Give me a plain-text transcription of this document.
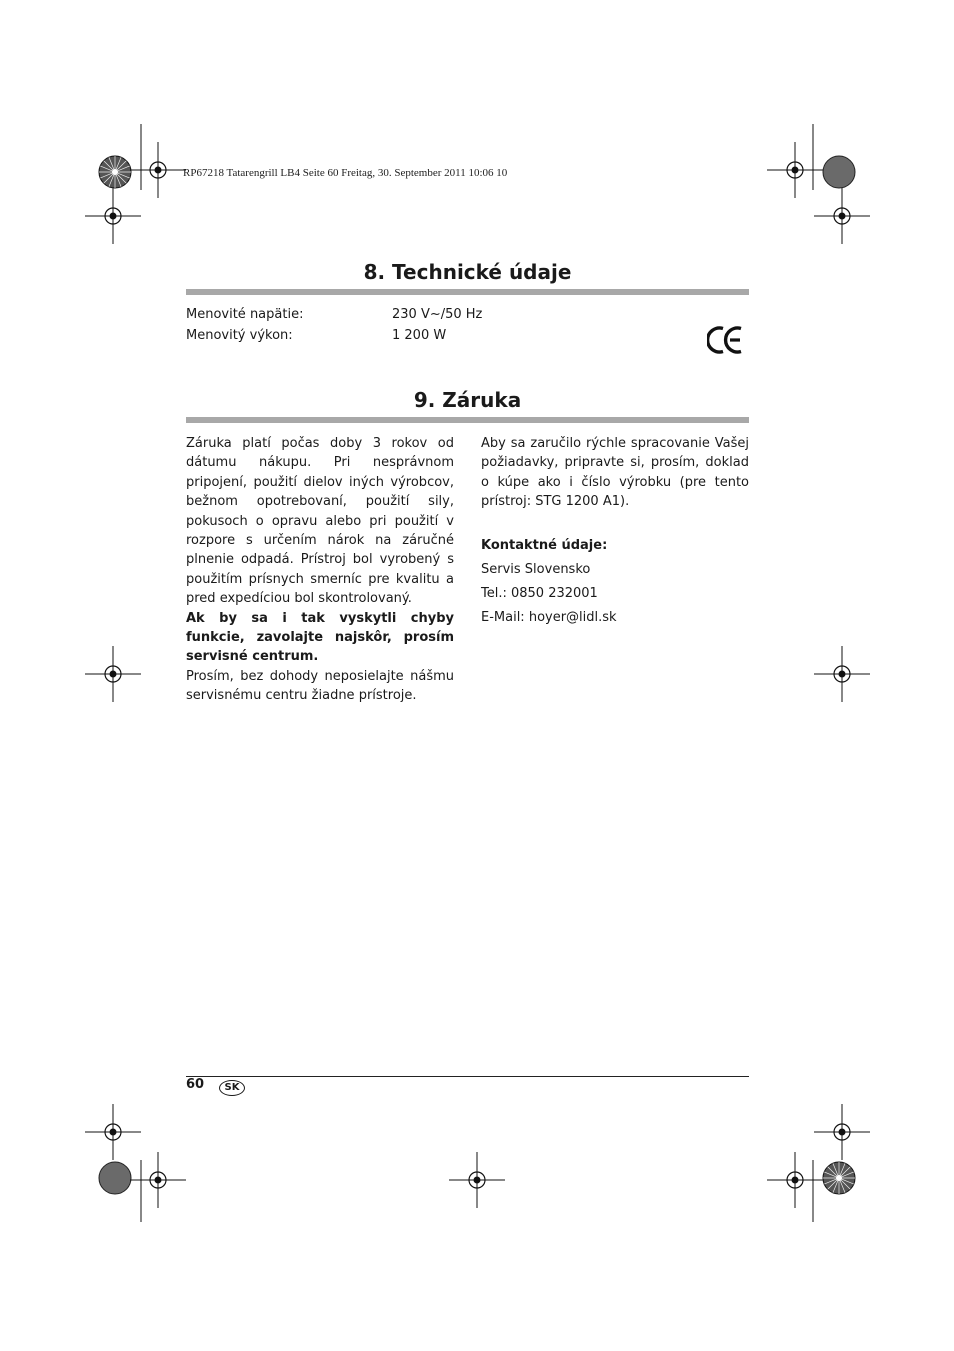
RP67218 Tatarengrill LB4 Seite 60 Freitag, 30. September 2011 10:06 10
8. Technické údaje
Menovité napätie:	230 V~/50 Hz
Menovitý výkon:	1 200 W
9. Záruka

Záruka platí počas doby 3 rokov od dátumu nákupu. Pri nesprávnom pripojení, použití dielov iných výrobcov, bežnom opotrebovaní, použití sily, pokusoch o opravu alebo pri použití v rozpore s určením nárok na záručné plnenie odpadá. Prístroj bol vyrobený s použitím prísnych smerníc pre kvalitu a pred expedíciou bol skontrolovaný.

Ak by sa i tak vyskytli chyby funkcie, zavolajte najskôr, prosím servisné centrum.

Prosím, bez dohody neposielajte nášmu servisnému centru žiadne prístroje.

Aby sa zaručilo rýchle spracovanie Vašej požiadavky, pripravte si, prosím, doklad o kúpe ako i číslo výrobku (pre tento prístroj: STG 1200 A1).

Kontaktné údaje:

Servis Slovensko

Tel.: 0850 232001

E-Mail: hoyer@lidl.sk

60	SK
